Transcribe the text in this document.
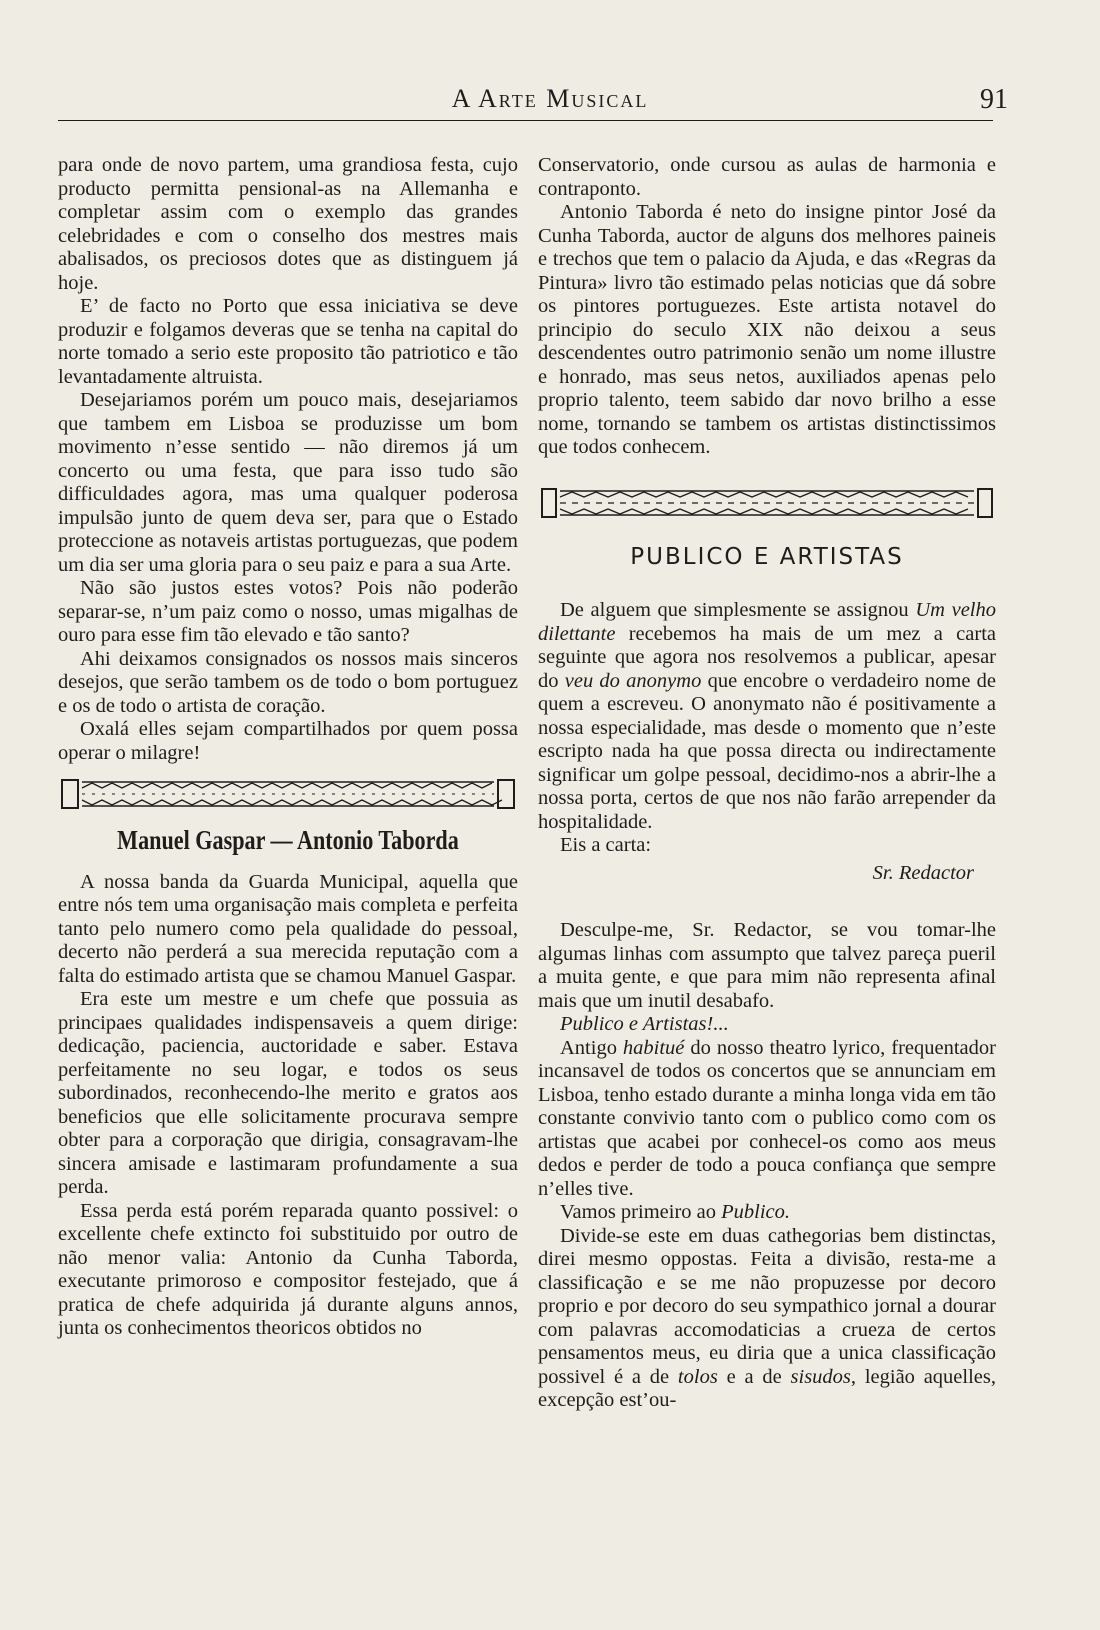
A Arte Musical	91

para onde de novo partem, uma grandiosa festa, cujo producto permitta pensional-as na Allemanha e completar assim com o exemplo das grandes celebridades e com o conselho dos mestres mais abalisados, os preciosos dotes que as distinguem já hoje.

E’ de facto no Porto que essa iniciativa se deve produzir e folgamos deveras que se tenha na capital do norte tomado a serio este proposito tão patriotico e tão levantadamente altruista.

Desejariamos porém um pouco mais, desejariamos que tambem em Lisboa se produzisse um bom movimento n’esse sentido — não diremos já um concerto ou uma festa, que para isso tudo são difficuldades agora, mas uma qualquer poderosa impulsão junto de quem deva ser, para que o Estado proteccione as notaveis artistas portuguezas, que podem um dia ser uma gloria para o seu paiz e para a sua Arte.

Não são justos estes votos? Pois não poderão separar-se, n’um paiz como o nosso, umas migalhas de ouro para esse fim tão elevado e tão santo?

Ahi deixamos consignados os nossos mais sinceros desejos, que serão tambem os de todo o bom portuguez e os de todo o artista de coração.

Oxalá elles sejam compartilhados por quem possa operar o milagre!

Manuel Gaspar — Antonio Taborda

A nossa banda da Guarda Municipal, aquella que entre nós tem uma organisação mais completa e perfeita tanto pelo numero como pela qualidade do pessoal, decerto não perderá a sua merecida reputação com a falta do estimado artista que se chamou Manuel Gaspar.

Era este um mestre e um chefe que possuia as principaes qualidades indispensaveis a quem dirige: dedicação, paciencia, auctoridade e saber. Estava perfeitamente no seu logar, e todos os seus subordinados, reconhecendo-lhe merito e gratos aos beneficios que elle solicitamente procurava sempre obter para a corporação que dirigia, consagravam-lhe sincera amisade e lastimaram profundamente a sua perda.

Essa perda está porém reparada quanto possivel: o excellente chefe extincto foi substituido por outro de não menor valia: Antonio da Cunha Taborda, executante primoroso e compositor festejado, que á pratica de chefe adquirida já durante alguns annos, junta os conhecimentos theoricos obtidos no

Conservatorio, onde cursou as aulas de harmonia e contraponto.

Antonio Taborda é neto do insigne pintor José da Cunha Taborda, auctor de alguns dos melhores paineis e trechos que tem o palacio da Ajuda, e das «Regras da Pintura» livro tão estimado pelas noticias que dá sobre os pintores portuguezes. Este artista notavel do principio do seculo XIX não deixou a seus descendentes outro patrimonio senão um nome illustre e honrado, mas seus netos, auxiliados apenas pelo proprio talento, teem sabido dar novo brilho a esse nome, tornando se tambem os artistas distinctissimos que todos conhecem.

PUBLICO E ARTISTAS

De alguem que simplesmente se assignou Um velho dilettante recebemos ha mais de um mez a carta seguinte que agora nos resolvemos a publicar, apesar do veu do anonymo que encobre o verdadeiro nome de quem a escreveu. O anonymato não é positivamente a nossa especialidade, mas desde o momento que n’este escripto nada ha que possa directa ou indirectamente significar um golpe pessoal, decidimo-nos a abrir-lhe a nossa porta, certos de que nos não farão arrepender da hospitalidade.

Eis a carta:

Sr. Redactor

Desculpe-me, Sr. Redactor, se vou tomar-lhe algumas linhas com assumpto que talvez pareça pueril a muita gente, e que para mim não representa afinal mais que um inutil desabafo.

Publico e Artistas!...

Antigo habitué do nosso theatro lyrico, frequentador incansavel de todos os concertos que se annunciam em Lisboa, tenho estado durante a minha longa vida em tão constante convivio tanto com o publico como com os artistas que acabei por conhecel-os como aos meus dedos e perder de todo a pouca confiança que sempre n’elles tive.

Vamos primeiro ao Publico.

Divide-se este em duas cathegorias bem distinctas, direi mesmo oppostas. Feita a divisão, resta-me a classificação e se me não propuzesse por decoro proprio e por decoro do seu sympathico jornal a dourar com palavras accomodaticias a crueza de certos pensamentos meus, eu diria que a unica classificação possivel é a de tolos e a de sisudos, legião aquelles, excepção est’ou-
